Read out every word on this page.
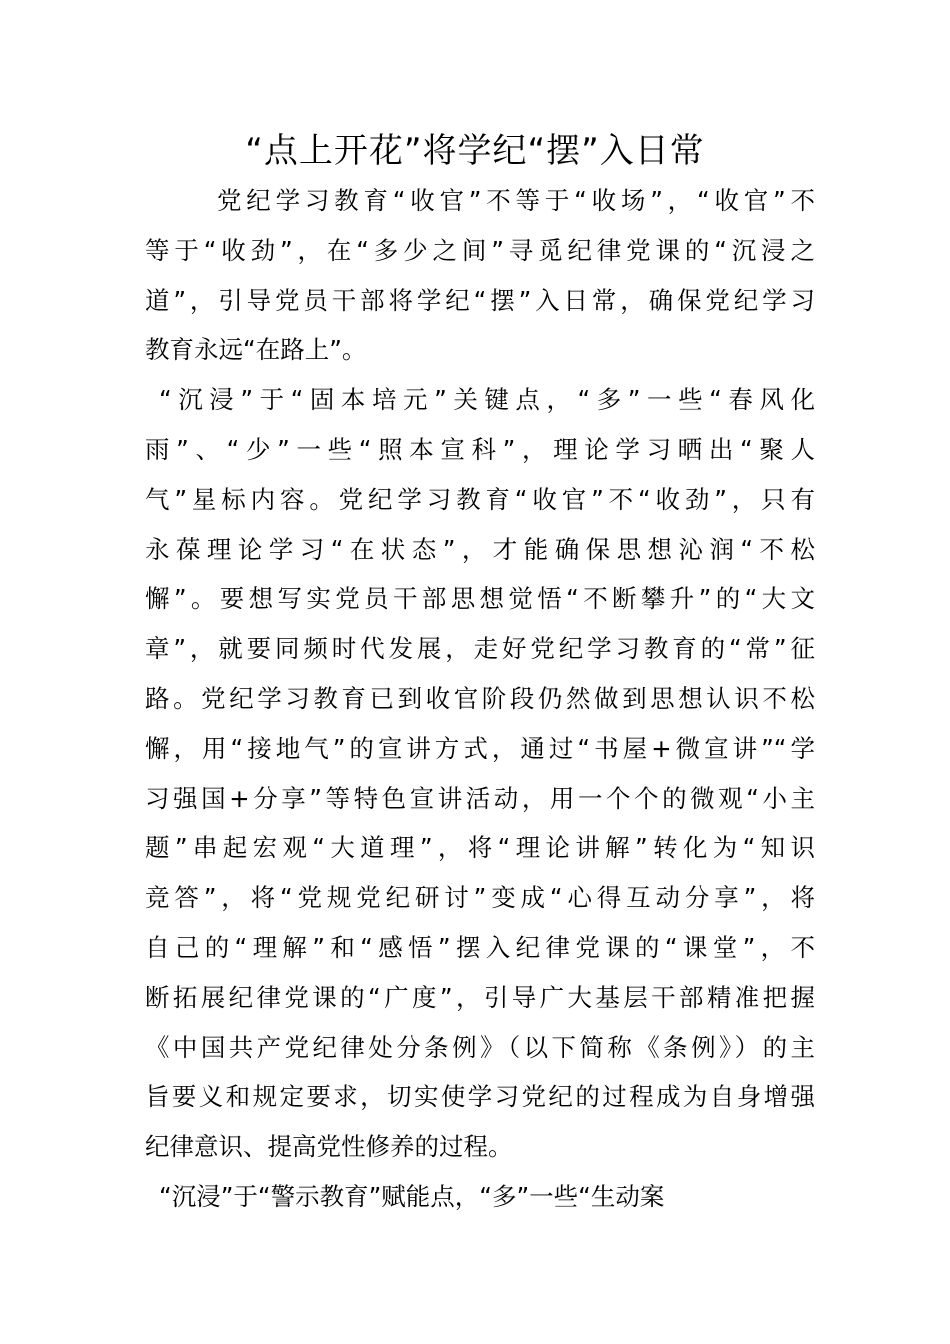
“点上开花”将学纪“摆”入日常
党纪学习教育“收官”不等于“收场”，“收官”不
等于“收劲”，在“多少之间”寻觅纪律党课的“沉浸之
道”，引导党员干部将学纪“摆”入日常，确保党纪学习
教育永远“在路上”。
“沉浸”于“固本培元”关键点，“多”一些“春风化
雨”、“少”一些“照本宣科”，理论学习晒出“聚人
气”星标内容。党纪学习教育“收官”不“收劲”，只有
永葆理论学习“在状态”，才能确保思想沁润“不松
懈”。要想写实党员干部思想觉悟“不断攀升”的“大文
章”，就要同频时代发展，走好党纪学习教育的“常”征
路。党纪学习教育已到收官阶段仍然做到思想认识不松
懈，用“接地气”的宣讲方式，通过“书屋+微宣讲”“学
习强国+分享”等特色宣讲活动，用一个个的微观“小主
题”串起宏观“大道理”，将“理论讲解”转化为“知识
竞答”，将“党规党纪研讨”变成“心得互动分享”，将
自己的“理解”和“感悟”摆入纪律党课的“课堂”，不
断拓展纪律党课的“广度”，引导广大基层干部精准把握
《中国共产党纪律处分条例》（以下简称《条例》）的主
旨要义和规定要求，切实使学习党纪的过程成为自身增强
纪律意识、提高党性修养的过程。
“沉浸”于“警示教育”赋能点，“多”一些“生动案
